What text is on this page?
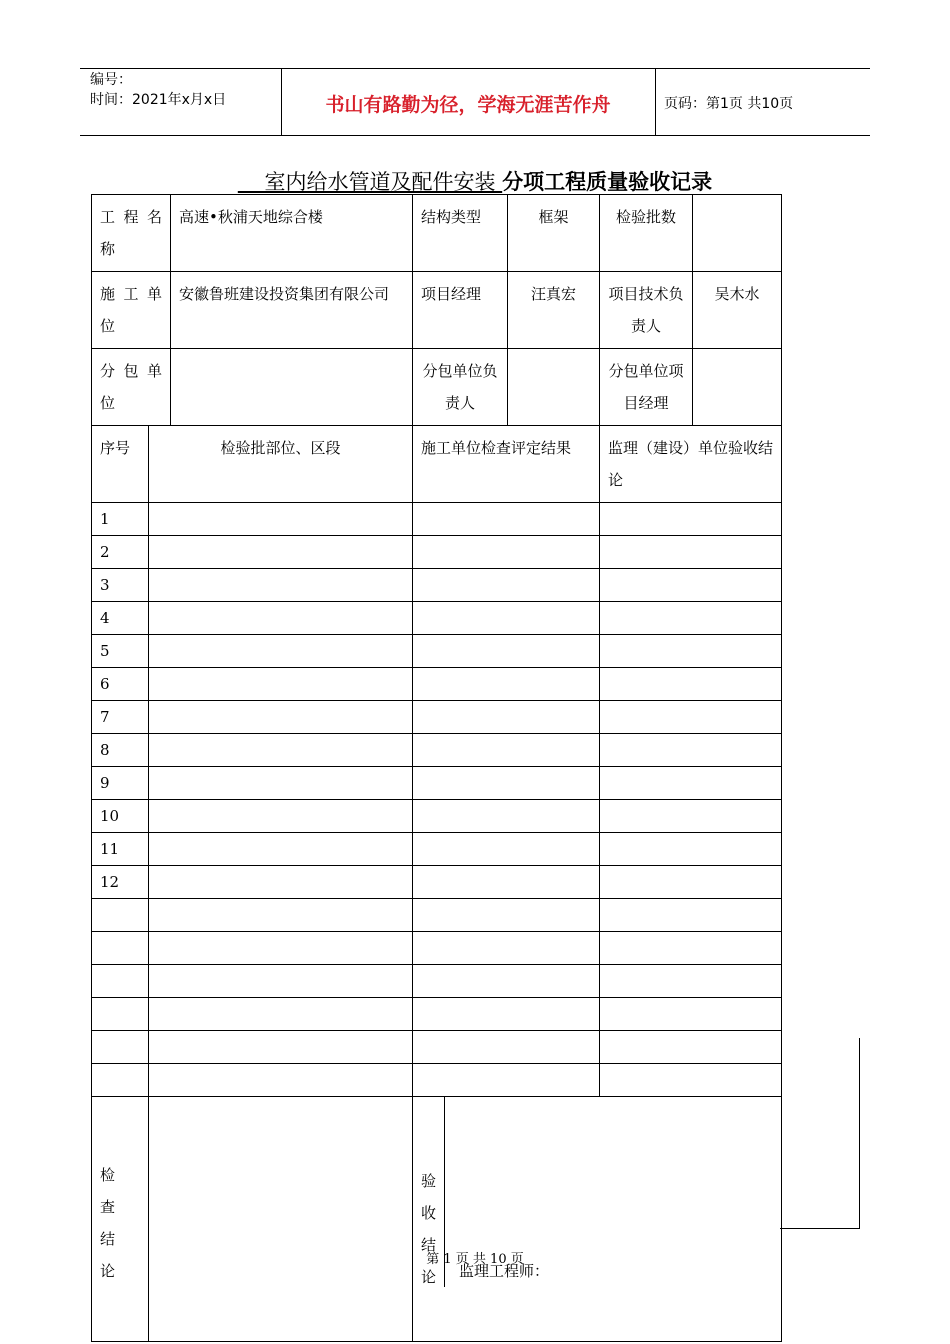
编号：
时间：2021年x月x日	书山有路勤为径，学海无涯苦作舟	页码：第1页 共10页
室内给水管道及配件安装 分项工程质量验收记录
工 程 名 称		高速•秋浦天地综合楼	结构类型	框架	检验批数	
施 工 单 位		安徽鲁班建设投资集团有限公司	项目经理	汪真宏	项目技术负责人	吴木水
分 包 单 位			分包单位负责人		分包单位项目经理	
序号	检验批部位、区段		施工单位检查评定结果		监理（建设）单位验收结论	
1						
2						
3						
4						
5						
6						
7						
8						
9						
10						
11						
12						

检查结论			验收结论 监理工程师：			
第 1 页 共 10 页
